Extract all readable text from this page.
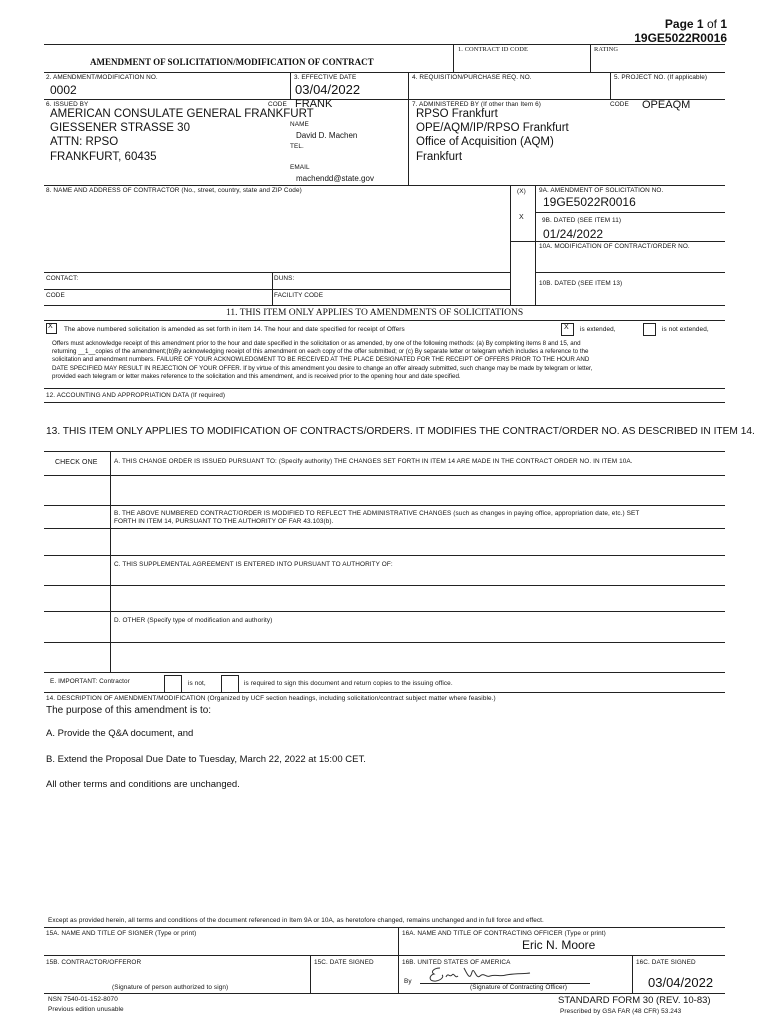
Page 1 of 1
19GE5022R0016
AMENDMENT OF SOLICITATION/MODIFICATION OF CONTRACT
1. CONTRACT ID CODE	RATING
2. AMENDMENT/MODIFICATION NO.
0002
3. EFFECTIVE DATE
03/04/2022
4. REQUISITION/PURCHASE REQ. NO.	5. PROJECT NO. (If applicable)
6. ISSUED BY	CODE FRANK
AMERICAN CONSULATE GENERAL FRANKFURT
GIESSENER STRASSE 30
ATTN: RPSO
FRANKFURT, 60435
NAME
David D. Machen
TEL.
EMAIL
machendd@state.gov
7. ADMINISTERED BY (If other than Item 6)	CODE OPEAQM
RPSO Frankfurt
OPE/AQM/IP/RPSO Frankfurt
Office of Acquisition (AQM)
Frankfurt
8. NAME AND ADDRESS OF CONTRACTOR (No., street, country, state and ZIP Code)	(X) 9A. AMENDMENT OF SOLICITATION NO.
19GE5022R0016
X	9B. DATED (SEE ITEM 11)
01/24/2022
10A. MODIFICATION OF CONTRACT/ORDER NO.
10B. DATED (SEE ITEM 13)
CONTACT:	DUNS:
CODE	FACILITY CODE
11. THIS ITEM ONLY APPLIES TO AMENDMENTS OF SOLICITATIONS
X The above numbered solicitation is amended as set forth in item 14. The hour and date specified for receipt of Offers	X is extended,	is not extended,
Offers must acknowledge receipt of this amendment prior to the hour and date specified in the solicitation or as amended, by one of the following methods: (a) By completing items 8 and 15, and
returning __1__copies of the amendment;(b)By acknowledging receipt of this amendment on each copy of the offer submitted; or (c) By separate letter or telegram which includes a reference to the
solicitation and amendment numbers. FAILURE OF YOUR ACKNOWLEDGMENT TO BE RECEIVED AT THE PLACE DESIGNATED FOR THE RECEIPT OF OFFERS PRIOR TO THE HOUR AND
DATE SPECIFIED MAY RESULT IN REJECTION OF YOUR OFFER. If by virtue of this amendment you desire to change an offer already submitted, such change may be made by telegram or letter,
provided each telegram or letter makes reference to the solicitation and this amendment, and is received prior to the opening hour and date specified.
12. ACCOUNTING AND APPROPRIATION DATA (If required)
13. THIS ITEM ONLY APPLIES TO MODIFICATION OF CONTRACTS/ORDERS. IT MODIFIES THE CONTRACT/ORDER NO. AS DESCRIBED IN ITEM 14.
CHECK ONE	A. THIS CHANGE ORDER IS ISSUED PURSUANT TO: (Specify authority) THE CHANGES SET FORTH IN ITEM 14 ARE MADE IN THE CONTRACT ORDER NO. IN ITEM 10A.
B. THE ABOVE NUMBERED CONTRACT/ORDER IS MODIFIED TO REFLECT THE ADMINISTRATIVE CHANGES (such as changes in paying office, appropriation date, etc.) SET
FORTH IN ITEM 14, PURSUANT TO THE AUTHORITY OF FAR 43.103(b).
C. THIS SUPPLEMENTAL AGREEMENT IS ENTERED INTO PURSUANT TO AUTHORITY OF:
D. OTHER (Specify type of modification and authority)
E. IMPORTANT: Contractor	is not,	is required to sign this document and return copies to the issuing office.
14. DESCRIPTION OF AMENDMENT/MODIFICATION (Organized by UCF section headings, including solicitation/contract subject matter where feasible.)
The purpose of this amendment is to:
A. Provide the Q&A document, and
B. Extend the Proposal Due Date to Tuesday, March 22, 2022 at 15:00 CET.
All other terms and conditions are unchanged.
Except as provided herein, all terms and conditions of the document referenced in Item 9A or 10A, as heretofore changed, remains unchanged and in full force and effect.
15A. NAME AND TITLE OF SIGNER (Type or print)	16A. NAME AND TITLE OF CONTRACTING OFFICER (Type or print)
Eric N. Moore
15B. CONTRACTOR/OFFEROR	15C. DATE SIGNED	16B. UNITED STATES OF AMERICA	16C. DATE SIGNED
By	03/04/2022
(Signature of person authorized to sign)	(Signature of Contracting Officer)
NSN 7540-01-152-8070
Previous edition unusable
STANDARD FORM 30 (REV. 10-83)
Prescribed by GSA FAR (48 CFR) 53.243
